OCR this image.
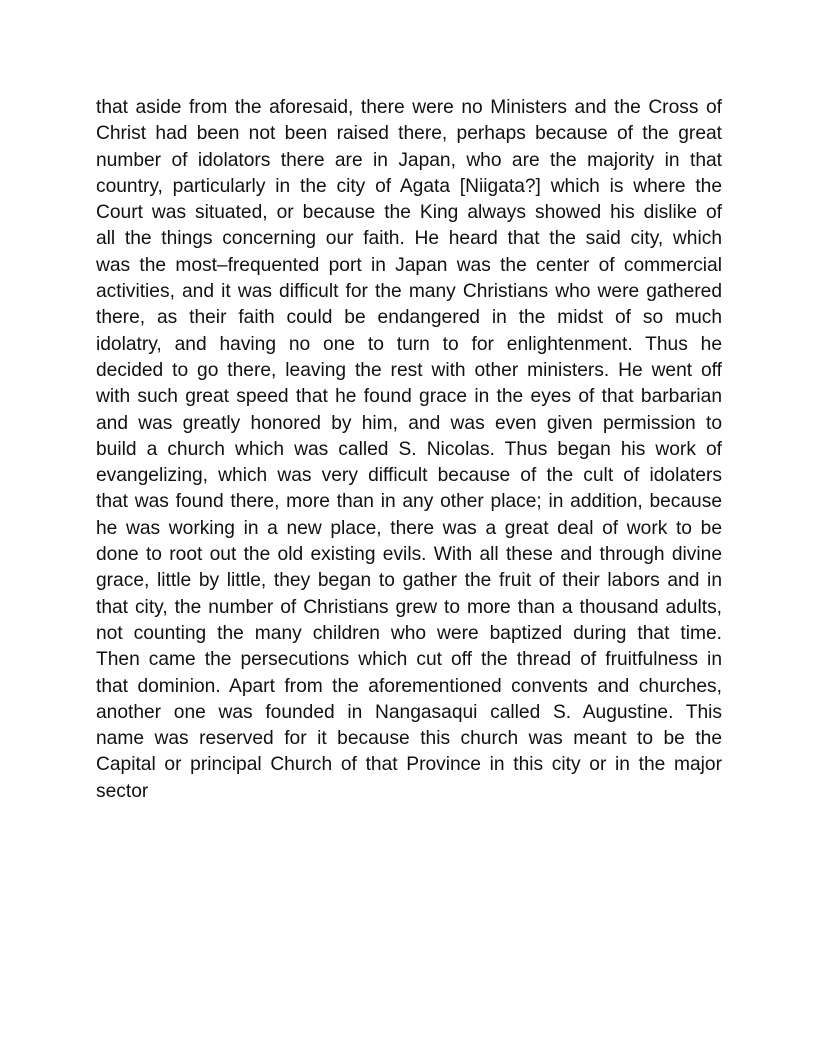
that aside from the aforesaid, there were no Ministers and the Cross of
Christ had been not been raised there, perhaps because of the great
number of idolators there are in Japan, who are the majority in that
country, particularly in the city of Agata [Niigata?] which is where the
Court was situated, or because the King always showed his dislike of
all the things concerning our faith. He heard that the said city, which
was the most–frequented port in Japan was the center of commercial
activities, and it was difficult for the many Christians who were gathered
there, as their faith could be endangered in the midst of so much
idolatry, and having no one to turn to for enlightenment. Thus he
decided to go there, leaving the rest with other ministers. He went off
with such great speed that he found grace in the eyes of that barbarian
and was greatly honored by him, and was even given permission to
build a church which was called S. Nicolas. Thus began his work of
evangelizing, which was very difficult because of the cult of idolaters
that was found there, more than in any other place; in addition, because
he was working in a new place, there was a great deal of work to be
done to root out the old existing evils. With all these and through divine
grace, little by little, they began to gather the fruit of their labors and in
that city, the number of Christians grew to more than a thousand adults,
not counting the many children who were baptized during that time.
Then came the persecutions which cut off the thread of fruitfulness in
that dominion. Apart from the aforementioned convents and churches,
another one was founded in Nangasaqui called S. Augustine. This
name was reserved for it because this church was meant to be the
Capital or principal Church of that Province in this city or in the major
sector
